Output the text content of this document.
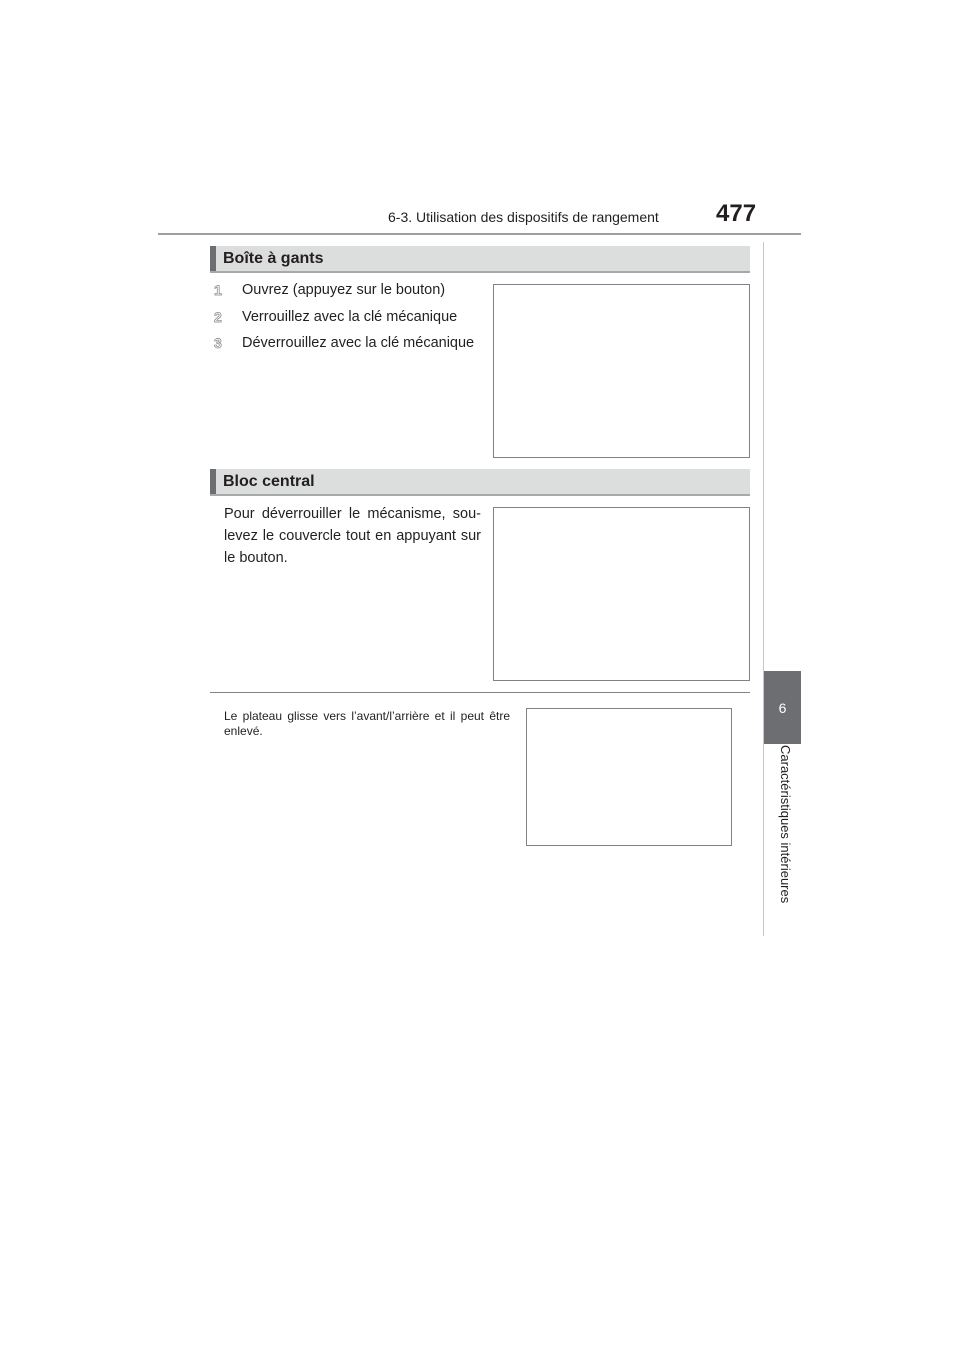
6-3. Utilisation des dispositifs de rangement 477
6
Caractéristiques intérieures
Boîte à gants
1 Ouvrez (appuyez sur le bouton)
2 Verrouillez avec la clé mécanique
3 Déverrouillez avec la clé mécanique
Bloc central
Pour déverrouiller le mécanisme, sou-levez le couvercle tout en appuyant sur le bouton.
Le plateau glisse vers l’avant/l’arrière et il peut être enlevé.
